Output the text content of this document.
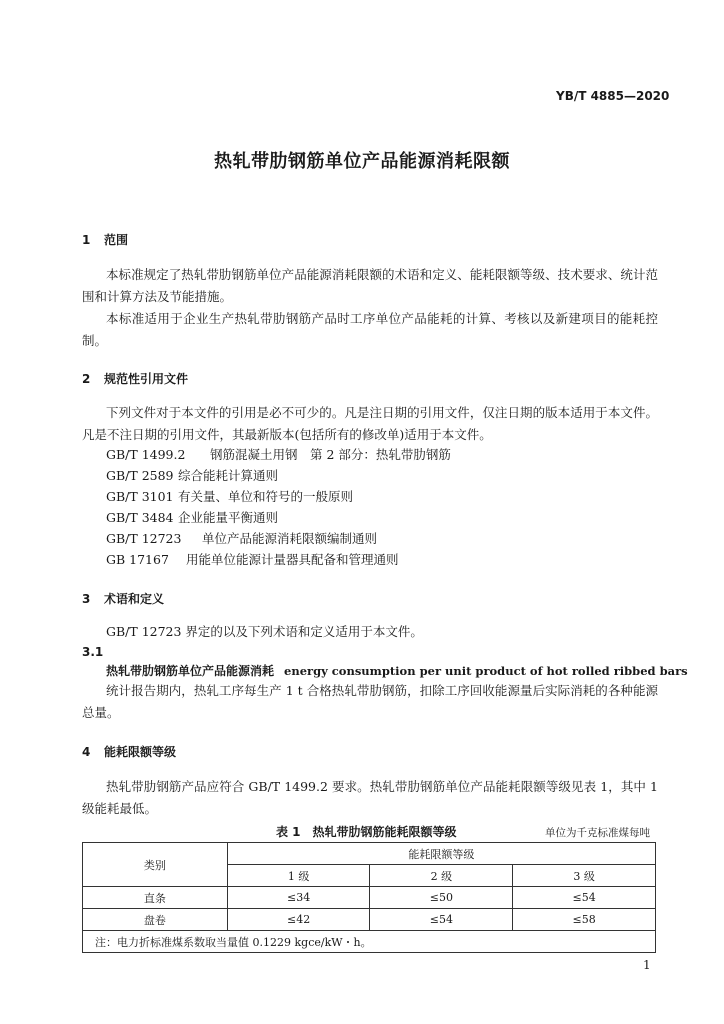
YB/T 4885—2020
热轧带肋钢筋单位产品能源消耗限额
1 范围
本标准规定了热轧带肋钢筋单位产品能源消耗限额的术语和定义、能耗限额等级、技术要求、统计范围和计算方法及节能措施。
本标准适用于企业生产热轧带肋钢筋产品时工序单位产品能耗的计算、考核以及新建项目的能耗控制。
2 规范性引用文件
下列文件对于本文件的引用是必不可少的。凡是注日期的引用文件，仅注日期的版本适用于本文件。凡是不注日期的引用文件，其最新版本(包括所有的修改单)适用于本文件。
GB/T 1499.2 钢筋混凝土用钢　第 2 部分：热轧带肋钢筋
GB/T 2589 综合能耗计算通则
GB/T 3101 有关量、单位和符号的一般原则
GB/T 3484 企业能量平衡通则
GB/T 12723 单位产品能源消耗限额编制通则
GB 17167 用能单位能源计量器具配备和管理通则
3 术语和定义
GB/T 12723 界定的以及下列术语和定义适用于本文件。
3.1
热轧带肋钢筋单位产品能源消耗 energy consumption per unit product of hot rolled ribbed bars
统计报告期内，热轧工序每生产 1 t 合格热轧带肋钢筋，扣除工序回收能源量后实际消耗的各种能源总量。
4 能耗限额等级
热轧带肋钢筋产品应符合 GB/T 1499.2 要求。热轧带肋钢筋单位产品能耗限额等级见表 1，其中 1 级能耗最低。
表 1　热轧带肋钢筋能耗限额等级	单位为千克标准煤每吨
类别	能耗限额等级		
	1 级	2 级	3 级
直条	≤34	≤50	≤54
盘卷	≤42	≤54	≤58
注：电力折标准煤系数取当量值 0.1229 kgce/kW・h。			
1
